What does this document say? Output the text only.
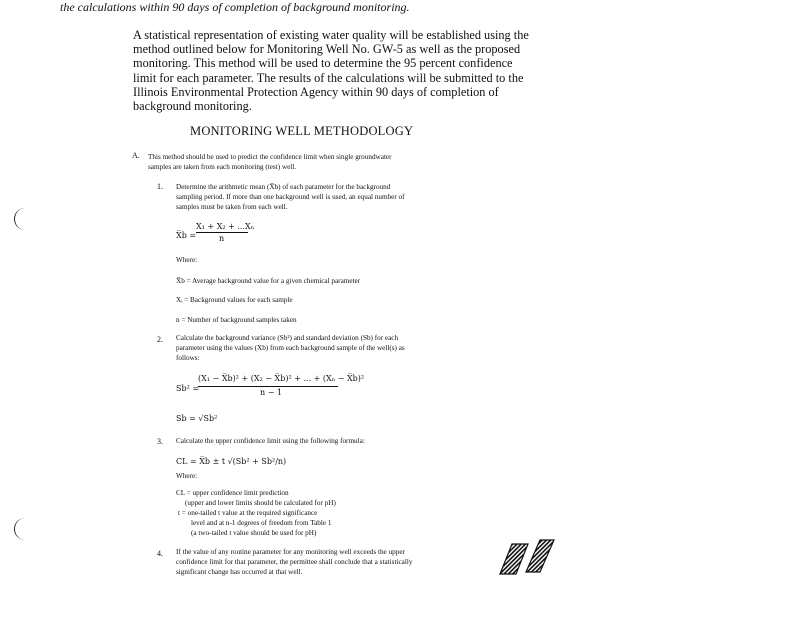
the calculations within 90 days of completion of background monitoring.
A statistical representation of existing water quality will be established using the
method outlined below for Monitoring Well No. GW-5 as well as the proposed
monitoring. This method will be used to determine the 95 percent confidence
limit for each parameter. The results of the calculations will be submitted to the
Illinois Environmental Protection Agency within 90 days of completion of
background monitoring.
MONITORING WELL METHODOLOGY
A. This method should be used to predict the confidence limit when single groundwater
samples are taken from each monitoring (test) well.
1. Determine the arithmetic mean (X̅b) of each parameter for the background
sampling period. If more than one background well is used, an equal number of
samples must be taken from each well.
X̅b =
X₁ + X₂ + ...Xₙ
n
Where:
X̅b = Average background value for a given chemical parameter
Xᵢ = Background values for each sample
n = Number of background samples taken
2. Calculate the background variance (Sb²) and standard deviation (Sb) for each
parameter using the values (Xb) from each background sample of the well(s) as
follows:
Sb² =
(X₁ − X̅b)² + (X₂ − X̅b)² + ... + (Xₙ − X̅b)²
n − 1
Sb = √Sb²
3. Calculate the upper confidence limit using the following formula:
CL = X̅b ± t √(Sb² + Sb²/n)
Where:
CL = upper confidence limit prediction
(upper and lower limits should be calculated for pH)
t = one-tailed t value at the required significance
level and at n-1 degrees of freedom from Table 1
(a two-tailed t value should be used for pH)
4. If the value of any routine parameter for any monitoring well exceeds the upper
confidence limit for that parameter, the permittee shall conclude that a statistically
significant change has occurred at that well.
